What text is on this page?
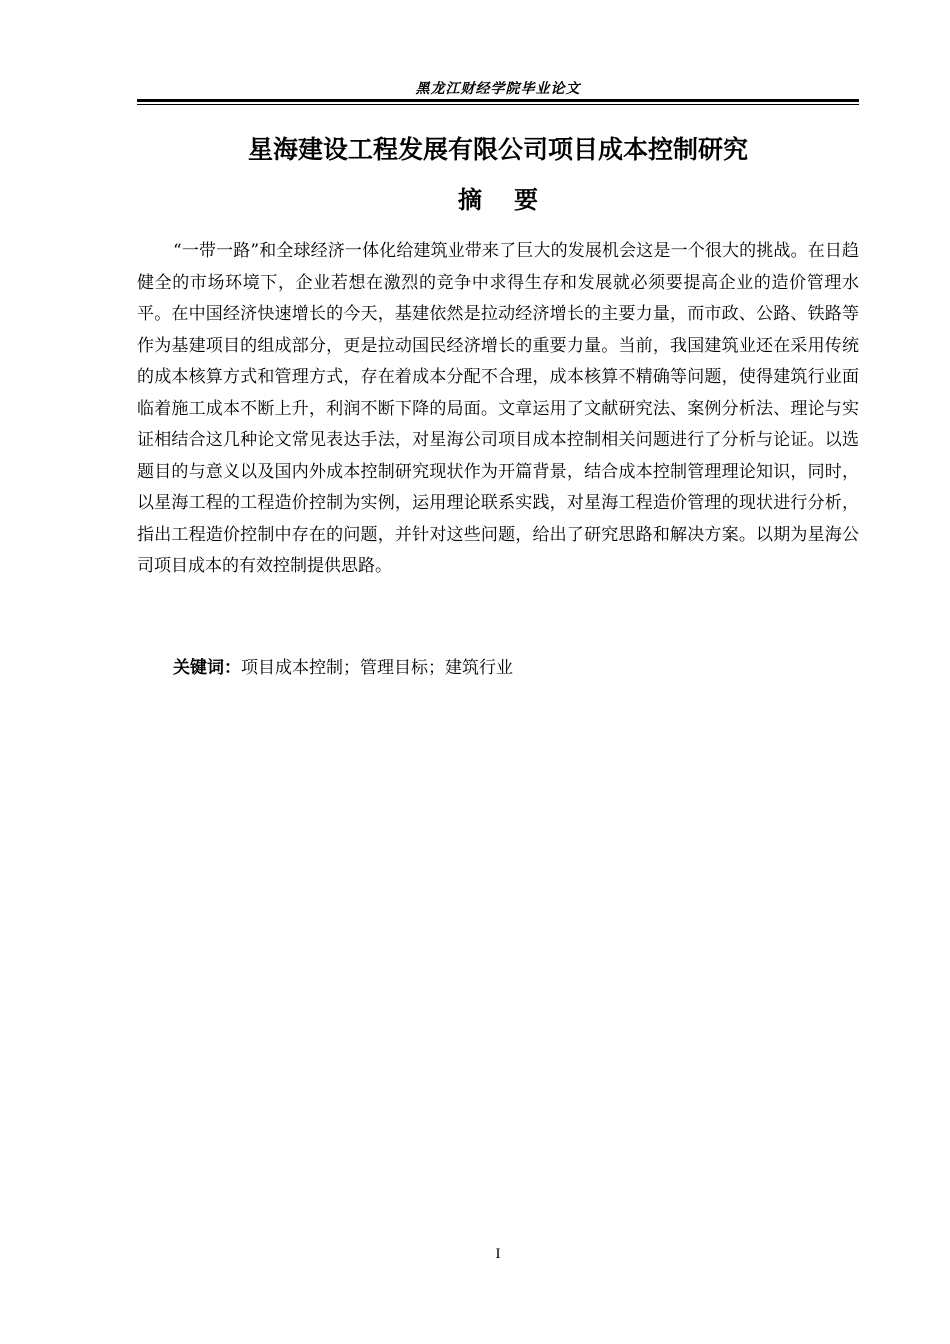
黑龙江财经学院毕业论文
星海建设工程发展有限公司项目成本控制研究
摘要

“一带一路”和全球经济一体化给建筑业带来了巨大的发展机会这是一个很大的挑战。在日趋健全的市场环境下，企业若想在激烈的竞争中求得生存和发展就必须要提高企业的造价管理水平。在中国经济快速增长的今天，基建依然是拉动经济增长的主要力量，而市政、公路、铁路等作为基建项目的组成部分，更是拉动国民经济增长的重要力量。当前，我国建筑业还在采用传统的成本核算方式和管理方式，存在着成本分配不合理，成本核算不精确等问题，使得建筑行业面临着施工成本不断上升，利润不断下降的局面。文章运用了文献研究法、案例分析法、理论与实证相结合这几种论文常见表达手法，对星海公司项目成本控制相关问题进行了分析与论证。以选题目的与意义以及国内外成本控制研究现状作为开篇背景，结合成本控制管理理论知识，同时，以星海工程的工程造价控制为实例，运用理论联系实践，对星海工程造价管理的现状进行分析，指出工程造价控制中存在的问题，并针对这些问题，给出了研究思路和解决方案。以期为星海公司项目成本的有效控制提供思路。

关键词：项目成本控制；管理目标；建筑行业
I
